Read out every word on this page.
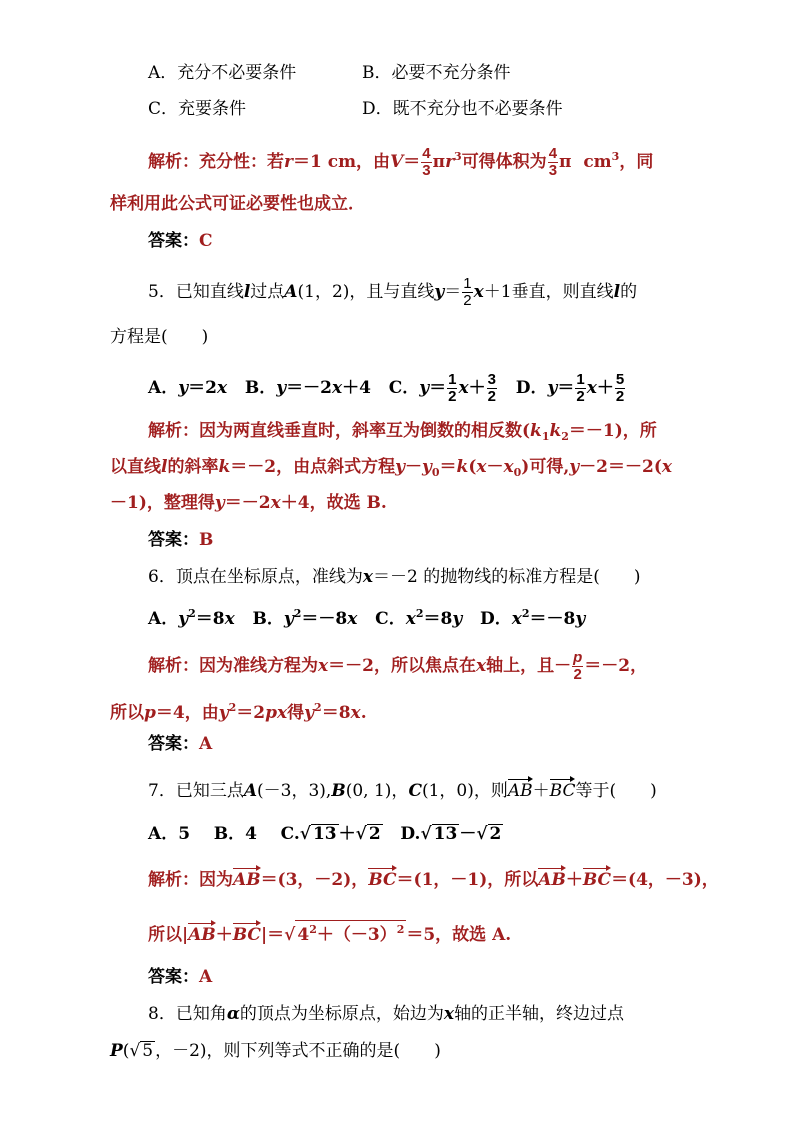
A．充分不必要条件	B．必要不充分条件
C．充要条件	D．既不充分也不必要条件
解析：充分性：若r＝1 cm，由$V= \frac{4}{3} \pi r^3$可得体积为 $\frac{4}{3}$ π $cm^3$，同
样利用此公式可证必要性也成立．
答案：C
5．已知直线l过点A(1，2)，且与直线$y= \frac{1}{2} x+1$垂直，则直线l的
方程是(　　)
A．y＝2x B．y＝－2x＋4 C．$y= \frac{1}{2} x+ \frac{3}{2}$ D．$y= \frac{1}{2} x+ \frac{5}{2}$
解析：因为两直线垂直时，斜率互为倒数的相反数$(k_1k_2=-1)$，所
以直线l的斜率k＝－2，由点斜式方程$y-y_0=k(x-x_0)$可得,y－2＝－2(x
－1)，整理得y＝－2x＋4，故选 B.
答案：B
6．顶点在坐标原点，准线为x＝－2 的抛物线的标准方程是(　　)
A．$y^2=8x$ B．$y^2=-8x$ C．$x^2=8y$ D．$x^2=-8y$
解析：因为准线方程为x＝－2，所以焦点在x轴上，且－ $\frac{p}{2} =-2$，
所以p＝4，由$y^2=2px$得$y^2=8x$.
答案：A
7．已知三点A(－3，3),B(0, 1)，C(1，0)，则AB＋BC等于(　　)
A．5 B．4 C.√ 13 ＋√ 2 D.√ 13 －√ 2
解析：因为AB＝(3，－2)，BC＝(1，－1)，所以AB＋BC＝(4，－3)，
所以|AB＋BC|＝√ $4^2+(-3)^2 =5$，故选 A.
答案：A
8．已知角α的顶点为坐标原点，始边为x轴的正半轴，终边过点
P(√ 5 ，－2)，则下列等式不正确的是(　　)
